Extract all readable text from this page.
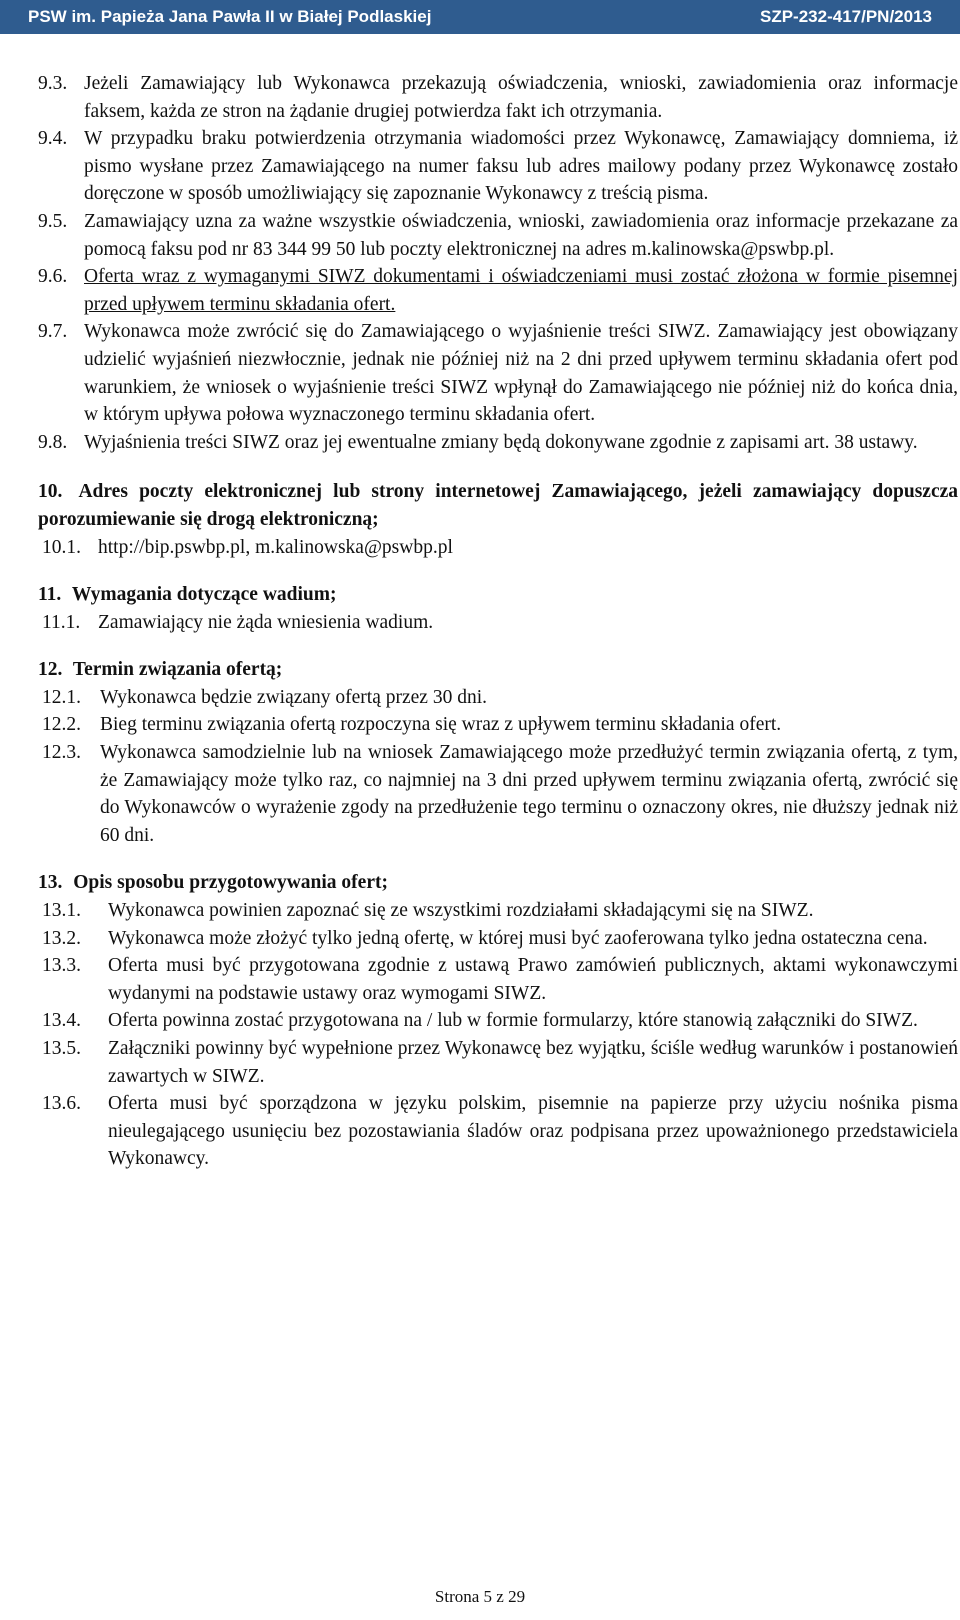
PSW im. Papieża Jana Pawła II w Białej Podlaskiej	SZP-232-417/PN/2013
9.3. Jeżeli Zamawiający lub Wykonawca przekazują oświadczenia, wnioski, zawiadomienia oraz informacje faksem, każda ze stron na żądanie drugiej potwierdza fakt ich otrzymania.
9.4. W przypadku braku potwierdzenia otrzymania wiadomości przez Wykonawcę, Zamawiający domniema, iż pismo wysłane przez Zamawiającego na numer faksu lub adres mailowy podany przez Wykonawcę zostało doręczone w sposób umożliwiający się zapoznanie Wykonawcy z treścią pisma.
9.5. Zamawiający uzna za ważne wszystkie oświadczenia, wnioski, zawiadomienia oraz informacje przekazane za pomocą faksu pod nr 83 344 99 50 lub poczty elektronicznej na adres m.kalinowska@pswbp.pl.
9.6. Oferta wraz z wymaganymi SIWZ dokumentami i oświadczeniami musi zostać złożona w formie pisemnej przed upływem terminu składania ofert.
9.7. Wykonawca może zwrócić się do Zamawiającego o wyjaśnienie treści SIWZ. Zamawiający jest obowiązany udzielić wyjaśnień niezwłocznie, jednak nie później niż na 2 dni przed upływem terminu składania ofert pod warunkiem, że wniosek o wyjaśnienie treści SIWZ wpłynął do Zamawiającego nie później niż do końca dnia, w którym upływa połowa wyznaczonego terminu składania ofert.
9.8. Wyjaśnienia treści SIWZ oraz jej ewentualne zmiany będą dokonywane zgodnie z zapisami art. 38 ustawy.
10. Adres poczty elektronicznej lub strony internetowej Zamawiającego, jeżeli zamawiający dopuszcza porozumiewanie się drogą elektroniczną;
10.1. http://bip.pswbp.pl, m.kalinowska@pswbp.pl
11. Wymagania dotyczące wadium;
11.1. Zamawiający nie żąda wniesienia wadium.
12. Termin związania ofertą;
12.1. Wykonawca będzie związany ofertą przez 30 dni.
12.2. Bieg terminu związania ofertą rozpoczyna się wraz z upływem terminu składania ofert.
12.3. Wykonawca samodzielnie lub na wniosek Zamawiającego może przedłużyć termin związania ofertą, z tym, że Zamawiający może tylko raz, co najmniej na 3 dni przed upływem terminu związania ofertą, zwrócić się do Wykonawców o wyrażenie zgody na przedłużenie tego terminu o oznaczony okres, nie dłuższy jednak niż 60 dni.
13. Opis sposobu przygotowywania ofert;
13.1. Wykonawca powinien zapoznać się ze wszystkimi rozdziałami składającymi się na SIWZ.
13.2. Wykonawca może złożyć tylko jedną ofertę, w której musi być zaoferowana tylko jedna ostateczna cena.
13.3. Oferta musi być przygotowana zgodnie z ustawą Prawo zamówień publicznych, aktami wykonawczymi wydanymi na podstawie ustawy oraz wymogami SIWZ.
13.4. Oferta powinna zostać przygotowana na / lub w formie formularzy, które stanowią załączniki do SIWZ.
13.5. Załączniki powinny być wypełnione przez Wykonawcę bez wyjątku, ściśle według warunków i postanowień zawartych w SIWZ.
13.6. Oferta musi być sporządzona w języku polskim, pisemnie na papierze przy użyciu nośnika pisma nieulegającego usunięciu bez pozostawiania śladów oraz podpisana przez upoważnionego przedstawiciela Wykonawcy.
Strona 5 z 29
